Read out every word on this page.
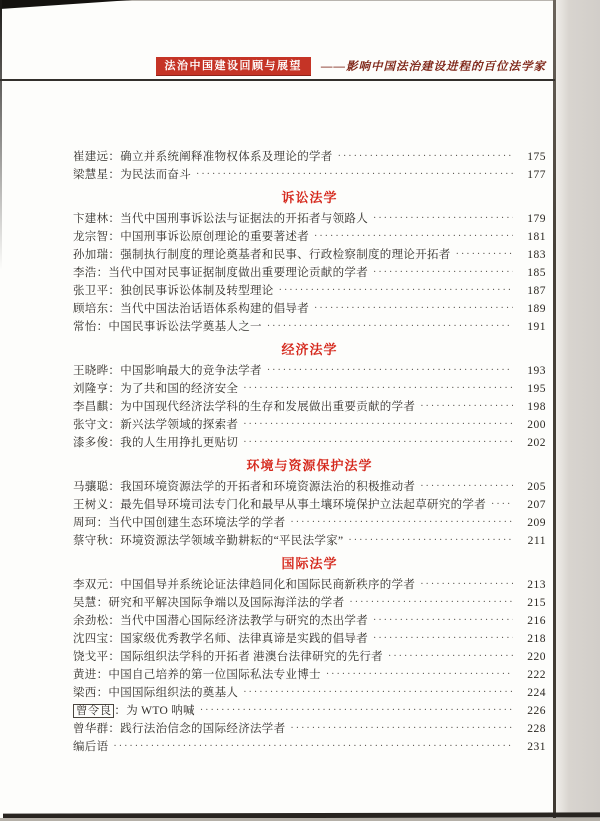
法治中国建设回顾与展望	——影响中国法治建设进程的百位法学家
崔建远：确立并系统阐释准物权体系及理论的学者 ·····	175
梁慧星：为民法而奋斗 ·····	177
诉讼法学
卞建林：当代中国刑事诉讼法与证据法的开拓者与领路人 ·····	179
龙宗智：中国刑事诉讼原创理论的重要著述者 ·····	181
孙加瑞：强制执行制度的理论奠基者和民事、行政检察制度的理论开拓者 ·····	183
李浩：当代中国对民事证据制度做出重要理论贡献的学者 ·····	185
张卫平：独创民事诉讼体制及转型理论 ·····	187
顾培东：当代中国法治话语体系构建的倡导者 ·····	189
常怡：中国民事诉讼法学奠基人之一 ·····	191
经济法学
王晓晔：中国影响最大的竞争法学者 ·····	193
刘隆亨：为了共和国的经济安全 ·····	195
李昌麒：为中国现代经济法学科的生存和发展做出重要贡献的学者 ·····	198
张守文：新兴法学领域的探索者 ·····	200
漆多俊：我的人生用挣扎更贴切 ·····	202
环境与资源保护法学
马骧聪：我国环境资源法学的开拓者和环境资源法治的积极推动者 ·····	205
王树义：最先倡导环境司法专门化和最早从事土壤环境保护立法起草研究的学者 ·····	207
周珂：当代中国创建生态环境法学的学者 ·····	209
蔡守秋：环境资源法学领域辛勤耕耘的“平民法学家” ·····	211
国际法学
李双元：中国倡导并系统论证法律趋同化和国际民商新秩序的学者 ·····	213
吴慧：研究和平解决国际争端以及国际海洋法的学者 ·····	215
余劲松：当代中国潜心国际经济法教学与研究的杰出学者 ·····	216
沈四宝：国家级优秀教学名师、法律真谛是实践的倡导者 ·····	218
饶戈平：国际组织法学科的开拓者 港澳台法律研究的先行者 ·····	220
黄进：中国自己培养的第一位国际私法专业博士 ·····	222
梁西：中国国际组织法的奠基人 ·····	224
曾令良 ：为 WTO 呐喊 ·····	226
曾华群：践行法治信念的国际经济法学者 ·····	228
编后语 ·····	231
